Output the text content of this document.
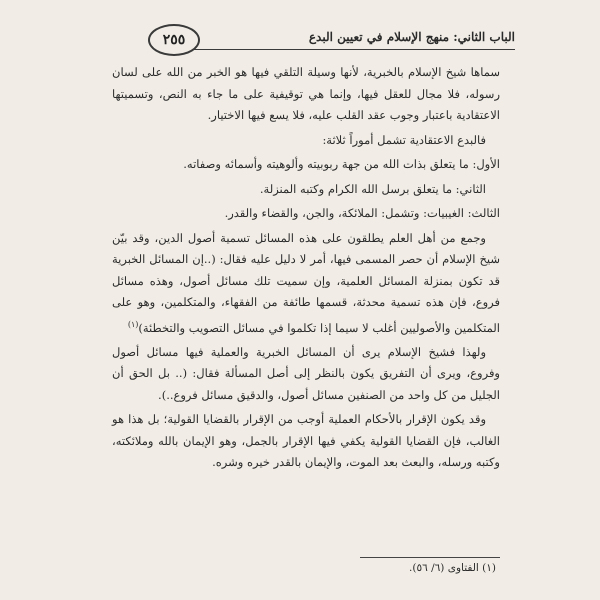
الباب الثاني: منهج الإسلام في تعيين البدع
٢٥٥

سماها شيخ الإسلام بالخبرية، لأنها وسيلة التلقي فيها هو الخبر من الله على لسان رسوله، فلا مجال للعقل فيها، وإنما هي توقيفية على ما جاء به النص، وتسميتها الاعتقادية باعتبار وجوب عقد القلب عليه، فلا يسع فيها الاختيار.

فالبدع الاعتقادية تشمل أموراً ثلاثة:

الأول: ما يتعلق بذات الله من جهة ربوبيته وألوهيته وأسمائه وصفاته.

الثاني: ما يتعلق برسل الله الكرام وكتبه المنزلة.

الثالث: الغيبيات: وتشمل: الملائكة، والجن، والقضاء والقدر.

وجمع من أهل العلم يطلقون على هذه المسائل تسمية أصول الدين، وقد بيّن شيخ الإسلام أن حصر المسمى فيها، أمر لا دليل عليه فقال: (..إن المسائل الخبرية قد تكون بمنزلة المسائل العلمية، وإن سميت تلك مسائل أصول، وهذه مسائل فروع، فإن هذه تسمية محدثة، قسمها طائفة من الفقهاء، والمتكلمين، وهو على المتكلمين والأصوليين أغلب لا سيما إذا تكلموا في مسائل التصويب والتخطئة)$^{(١)}$

ولهذا فشيخ الإسلام يرى أن المسائل الخبرية والعملية فيها مسائل أصول وفروع، ويرى أن التفريق يكون بالنظر إلى أصل المسألة فقال: (.. بل الحق أن الجليل من كل واحد من الصنفين مسائل أصول، والدقيق مسائل فروع..).

وقد يكون الإقرار بالأحكام العملية أوجب من الإقرار بالقضايا القولية؛ بل هذا هو الغالب، فإن القضايا القولية يكفي فيها الإقرار بالجمل، وهو الإيمان بالله وملائكته، وكتبه ورسله، والبعث بعد الموت، والإيمان بالقدر خيره وشره.

(١) الفتاوى (٦/ ٥٦).
